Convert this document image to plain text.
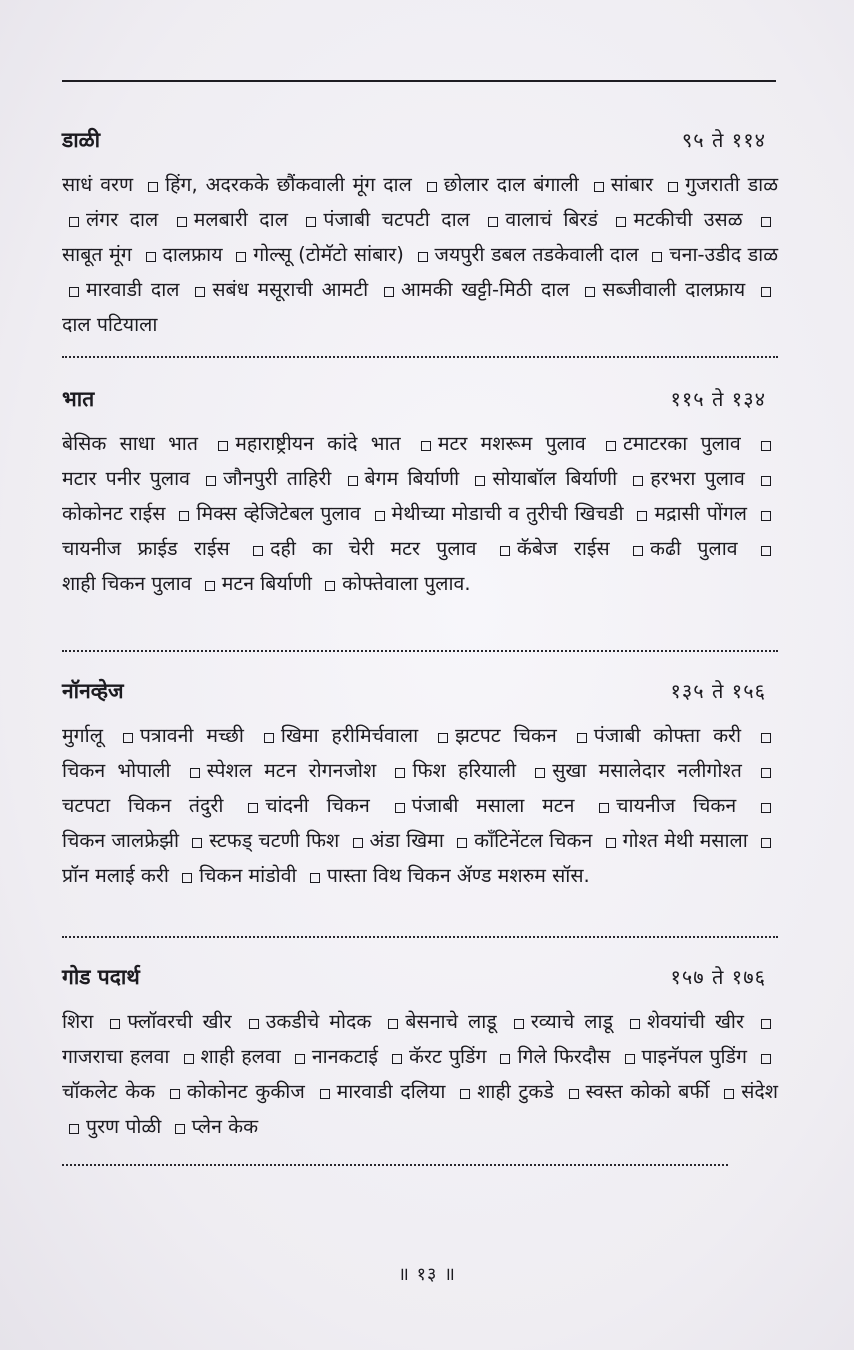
डाळी	९५ ते ११४
साधं वरण हिंग, अदरकके छौंकवाली मूंग दाल छोलार दाल बंगाली सांबार गुजराती डाळ लंगर दाल मलबारी दाल पंजाबी चटपटी दाल वालाचं बिरडं मटकीची उसळ साबूत मूंग दालफ्राय गोल्सू (टोमॅटो सांबार) जयपुरी डबल तडकेवाली दाल चना-उडीद डाळ मारवाडी दाल सबंध मसूराची आमटी आमकी खट्टी-मिठी दाल सब्जीवाली दालफ्राय दाल पटियाला
भात	११५ ते १३४
बेसिक साधा भात महाराष्ट्रीयन कांदे भात मटर मशरूम पुलाव टमाटरका पुलाव मटार पनीर पुलाव जौनपुरी ताहिरी बेगम बिर्याणी सोयाबॉल बिर्याणी हरभरा पुलाव कोकोनट राईस मिक्स व्हेजिटेबल पुलाव मेथीच्या मोडाची व तुरीची खिचडी मद्रासी पोंगल चायनीज फ्राईड राईस दही का चेरी मटर पुलाव कॅबेज राईस कढी पुलाव शाही चिकन पुलाव मटन बिर्याणी कोफ्तेवाला पुलाव.
नॉनव्हेज	१३५ ते १५६
मुर्गालू पत्रावनी मच्छी खिमा हरीमिर्चवाला झटपट चिकन पंजाबी कोफ्ता करी चिकन भोपाली स्पेशल मटन रोगनजोश फिश हरियाली सुखा मसालेदार नलीगोश्त चटपटा चिकन तंदुरी चांदनी चिकन पंजाबी मसाला मटन चायनीज चिकन चिकन जालफ्रेझी स्टफड् चटणी फिश अंडा खिमा कॉंटिनेंटल चिकन गोश्त मेथी मसाला प्रॉन मलाई करी चिकन मांडोवी पास्ता विथ चिकन ॲण्ड मशरुम सॉस.
गोड पदार्थ	१५७ ते १७६
शिरा फ्लॉवरची खीर उकडीचे मोदक बेसनाचे लाडू रव्याचे लाडू शेवयांची खीर गाजराचा हलवा शाही हलवा नानकटाई कॅरट पुडिंग गिले फिरदौस पाइनॅपल पुडिंग चॉकलेट केक कोकोनट कुकीज मारवाडी दलिया शाही टुकडे स्वस्त कोको बर्फी संदेश पुरण पोळी प्लेन केक
॥ १३ ॥
